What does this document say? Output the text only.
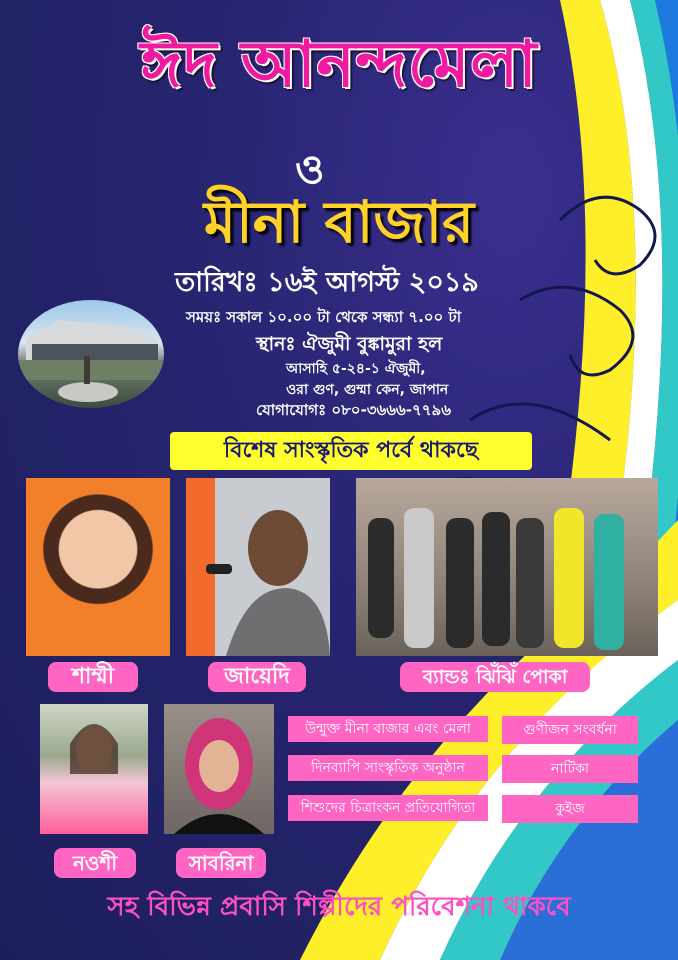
ঈদ আনন্দমেলা
ও
মীনা বাজার
তারিখঃ ১৬ই আগস্ট ২০১৯
সময়ঃ সকাল ১০.০০ টা থেকে সন্ধ্যা ৭.০০ টা
স্থানঃ ঐজুমী বুঙ্কামুরা হল
আসাহি ৫-২৪-১ ঐজুমী,
ওরা গুণ, গুম্মা কেন, জাপান
যোগাযোগঃ ০৮০-৩৬৬৬-৭৭৯৬
বিশেষ সাংস্কৃতিক পর্বে থাকছে
শাম্মী	জায়েদি	ব্যান্ডঃ ঝিঁঝিঁ পোকা
নওশী	সাবরিনা
উন্মুক্ত মীনা বাজার এবং মেলা
দিনব্যাপি সাংস্কৃতিক অনুষ্ঠান
শিশুদের চিত্রাংকন প্রতিযোগিতা
গুণীজন সংবর্ধনা
নাটিকা
কুইজ
সহ বিভিন্ন প্রবাসি শিল্পীদের পরিবেশনা থাকবে
